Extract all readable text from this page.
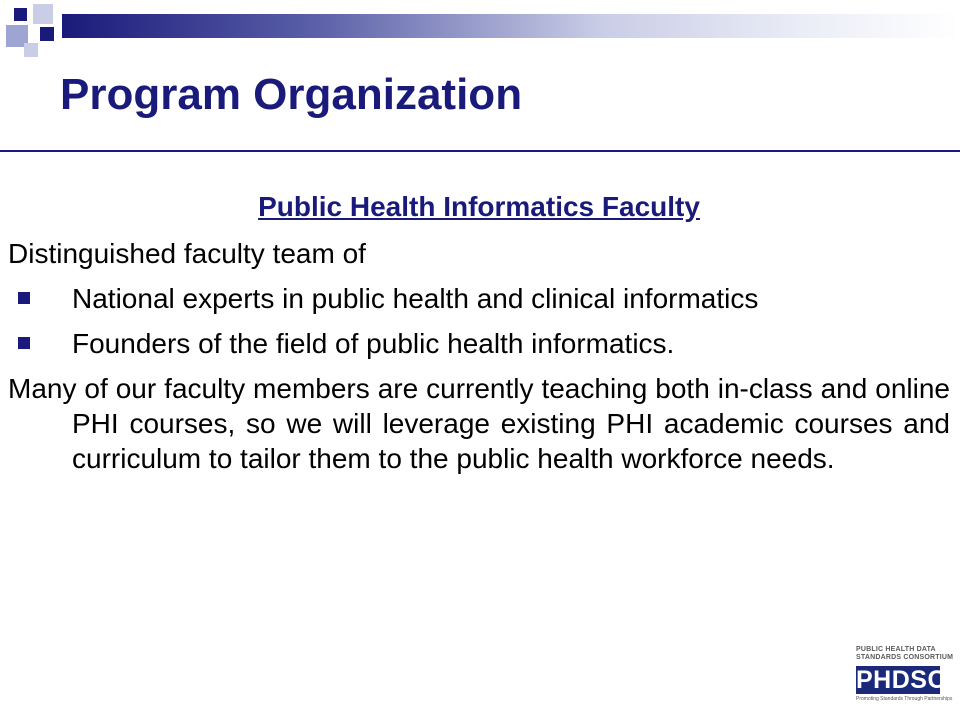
Program Organization
Public Health Informatics Faculty

Distinguished faculty team of

National experts in public health and clinical informatics
Founders of the field of public health informatics.

Many of our faculty members are currently teaching both in-class and online PHI courses, so we will leverage existing PHI academic courses and curriculum to tailor them to the public health workforce needs.

PUBLIC HEALTH DATA
STANDARDS CONSORTIUM
PHDSC
Promoting Standards Through Partnerships
